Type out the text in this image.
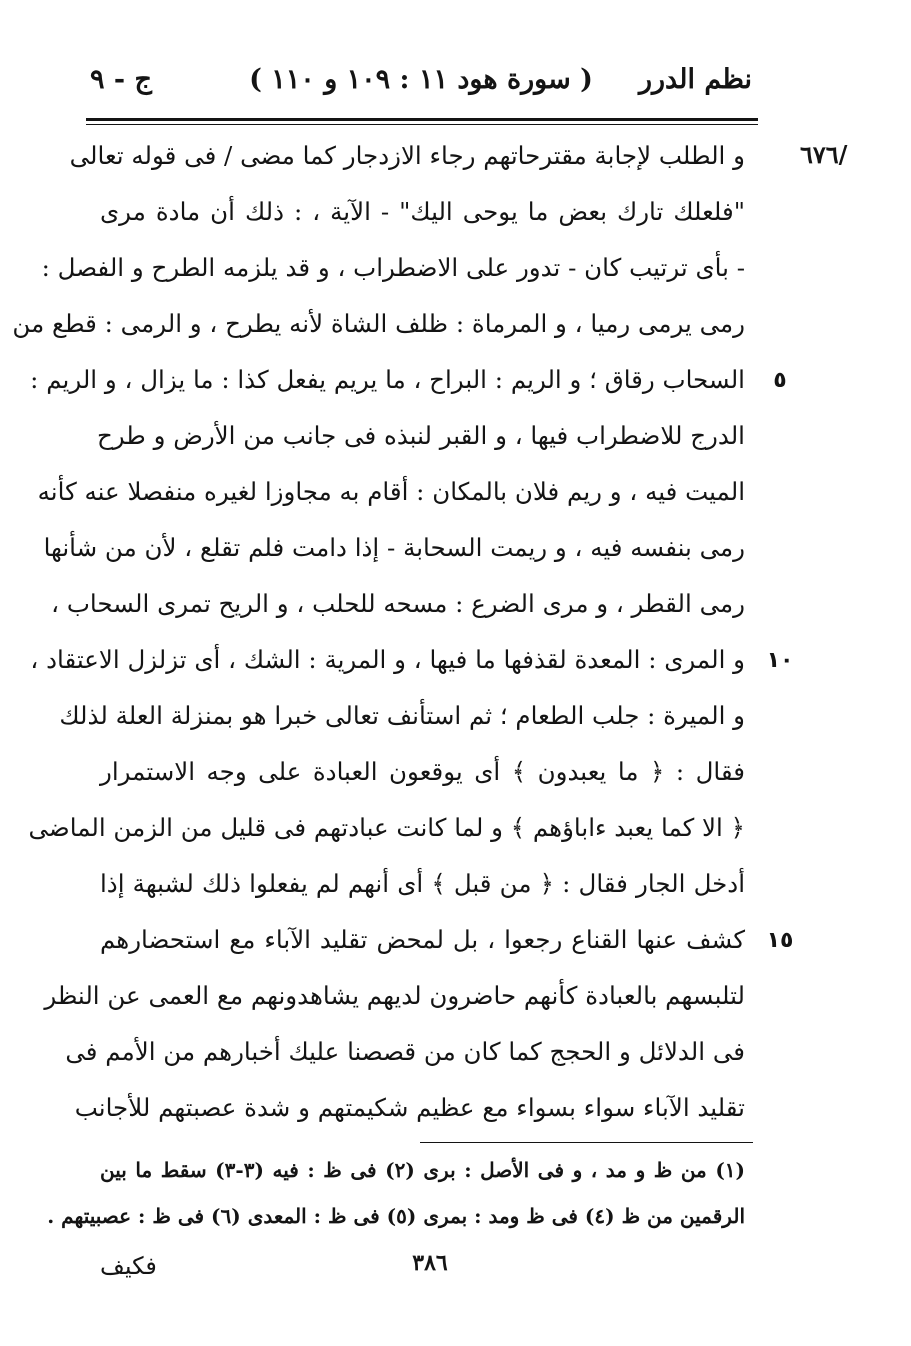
نظم الدرر
( سورة هود ١١ : ١٠٩ و ١١٠ )
ج - ٩
/٦٧٦
و الطلب لإجابة مقترحاتهم رجاء الازدجار كما مضى / فى قوله تعالى
"فلعلك تارك بعض ما يوحى اليك" - الآية ، : ذلك أن مادة مرى
- بأى ترتيب كان - تدور على الاضطراب ، و قد يلزمه الطرح و الفصل :
رمى يرمى رميا ، و المرماة : ظلف الشاة لأنه يطرح ، و الرمى : قطع من
السحاب رقاق ؛ و الريم : البراح ، ما يريم يفعل كذا : ما يزال ، و الريم :
الدرج للاضطراب فيها ، و القبر لنبذه فى جانب من الأرض و طرح
الميت فيه ، و ريم فلان بالمكان : أقام به مجاوزا لغيره منفصلا عنه كأنه
رمى بنفسه فيه ، و ريمت السحابة - إذا دامت فلم تقلع ، لأن من شأنها
رمى القطر ، و مرى الضرع : مسحه للحلب ، و الريح تمرى السحاب ،
و المرى : المعدة لقذفها ما فيها ، و المرية : الشك ، أى تزلزل الاعتقاد ،
و الميرة : جلب الطعام ؛ ثم استأنف تعالى خبرا هو بمنزلة العلة لذلك
فقال : ﴿ ما يعبدون ﴾ أى يوقعون العبادة على وجه الاستمرار
﴿ الا كما يعبد ءاباؤهم ﴾ و لما كانت عبادتهم فى قليل من الزمن الماضى
أدخل الجار فقال : ﴿ من قبل ﴾ أى أنهم لم يفعلوا ذلك لشبهة إذا
كشف عنها القناع رجعوا ، بل لمحض تقليد الآباء مع استحضارهم
لتلبسهم بالعبادة كأنهم حاضرون لديهم يشاهدونهم مع العمى عن النظر
فى الدلائل و الحجج كما كان من قصصنا عليك أخبارهم من الأمم فى
تقليد الآباء سواء بسواء مع عظيم شكيمتهم و شدة عصبتهم للأجانب
٥
١٠
١٥
(١) من ظ و مد ، و فى الأصل : برى (٢) فى ظ : فيه (٣-٣) سقط ما بين
الرقمين من ظ (٤) فى ظ ومد : بمرى (٥) فى ظ : المعدى (٦) فى ظ : عصبيتهم .
٣٨٦
فكيف
